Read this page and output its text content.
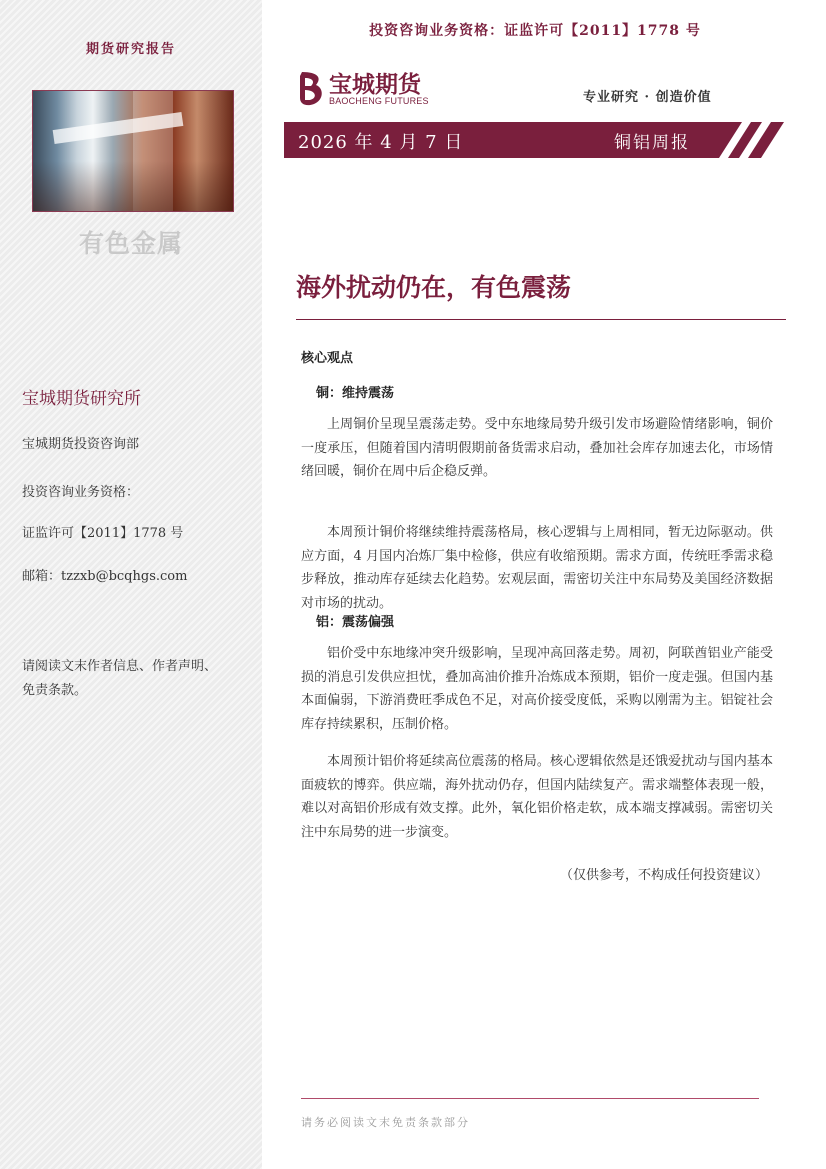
期货研究报告
有色金属
宝城期货研究所
宝城期货投资咨询部
投资咨询业务资格：
证监许可【2011】1778 号
邮箱：tzzxb@bcqhgs.com
请阅读文末作者信息、作者声明、
免责条款。
投资咨询业务资格：证监许可【2011】1778 号
宝城期货
BAOCHENG FUTURES	专业研究 · 创造价值
2026 年 4 月 7 日	铜铝周报
海外扰动仍在，有色震荡
核心观点
铜：维持震荡

上周铜价呈现呈震荡走势。受中东地缘局势升级引发市场避险情绪影响，铜价一度承压，但随着国内清明假期前备货需求启动，叠加社会库存加速去化，市场情绪回暖，铜价在周中后企稳反弹。

本周预计铜价将继续维持震荡格局，核心逻辑与上周相同，暂无边际驱动。供应方面，4 月国内冶炼厂集中检修，供应有收缩预期。需求方面，传统旺季需求稳步释放，推动库存延续去化趋势。宏观层面，需密切关注中东局势及美国经济数据对市场的扰动。

铝：震荡偏强

铝价受中东地缘冲突升级影响，呈现冲高回落走势。周初，阿联酋铝业产能受损的消息引发供应担忧，叠加高油价推升冶炼成本预期，铝价一度走强。但国内基本面偏弱，下游消费旺季成色不足，对高价接受度低，采购以刚需为主。铝锭社会库存持续累积，压制价格。

本周预计铝价将延续高位震荡的格局。核心逻辑依然是还饿爱扰动与国内基本面疲软的博弈。供应端，海外扰动仍存，但国内陆续复产。需求端整体表现一般，难以对高铝价形成有效支撑。此外，氧化铝价格走软，成本端支撑减弱。需密切关注中东局势的进一步演变。

（仅供参考，不构成任何投资建议）
请务必阅读文末免责条款部分
